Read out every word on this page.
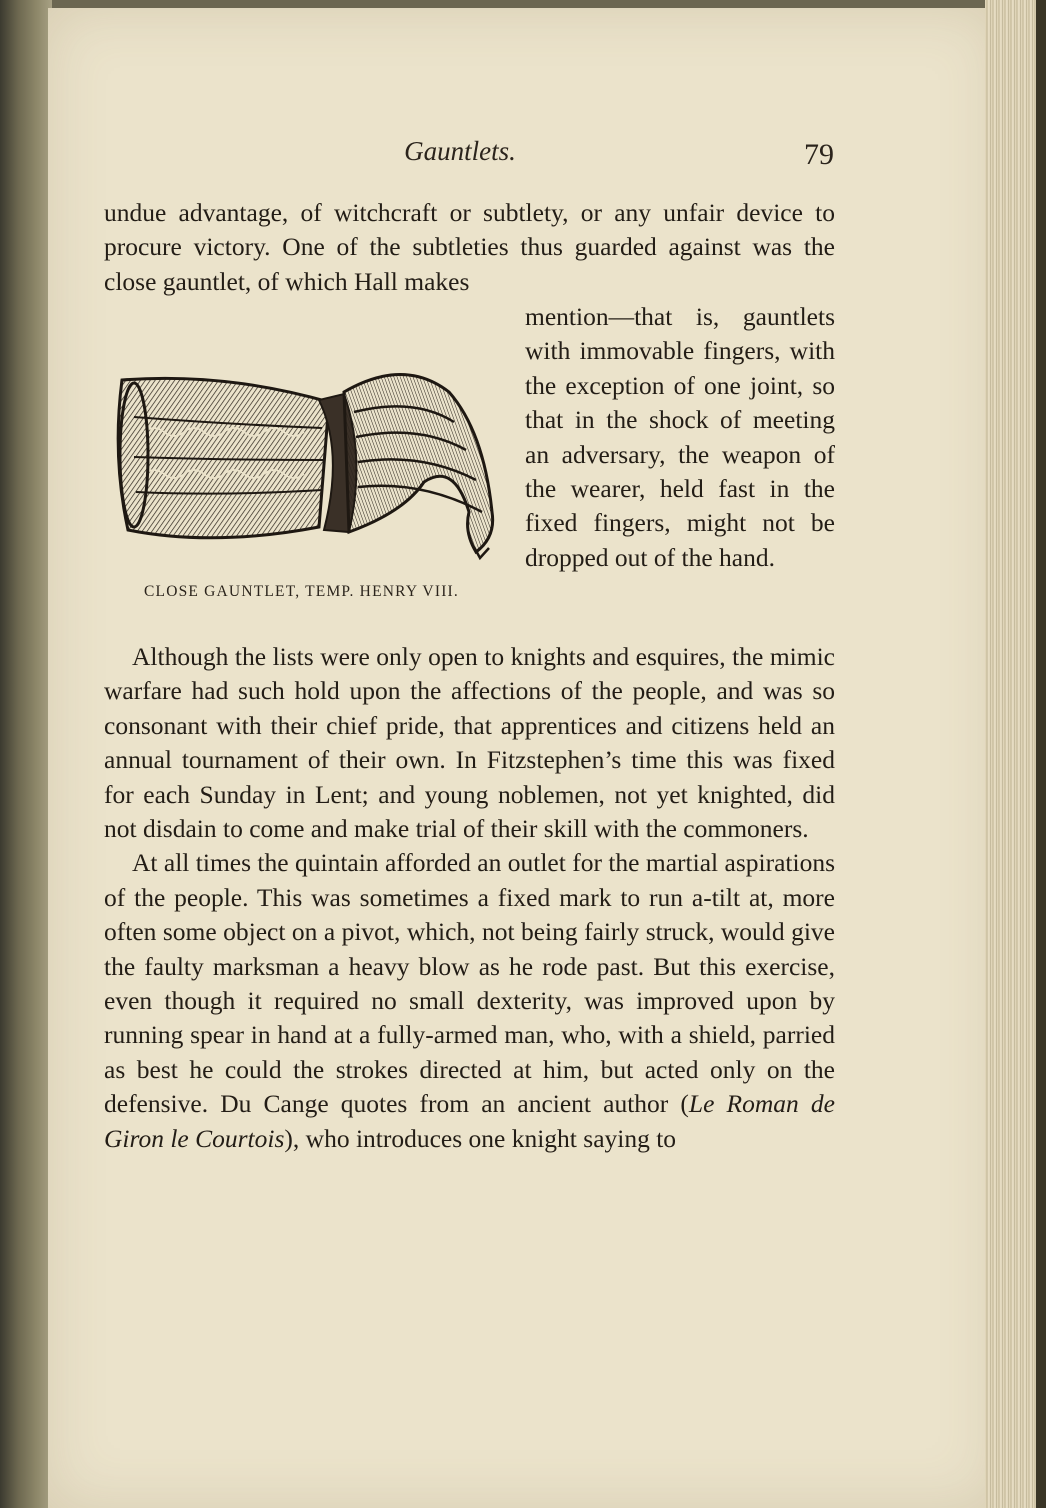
Gauntlets.	79

undue advantage, of witchcraft or subtlety, or any unfair device to procure victory. One of the subtleties thus guarded against was the close gauntlet, of which Hall makes

CLOSE GAUNTLET, TEMP. HENRY VIII.

mention—that is, gauntlets with immovable fingers, with the exception of one joint, so that in the shock of meeting an adversary, the weapon of the wearer, held fast in the fixed fingers, might not be dropped out of the hand.

Although the lists were only open to knights and esquires, the mimic warfare had such hold upon the affections of the people, and was so consonant with their chief pride, that apprentices and citizens held an annual tournament of their own. In Fitzstephen’s time this was fixed for each Sunday in Lent; and young noblemen, not yet knighted, did not disdain to come and make trial of their skill with the commoners.

At all times the quintain afforded an outlet for the martial aspirations of the people. This was sometimes a fixed mark to run a-tilt at, more often some object on a pivot, which, not being fairly struck, would give the faulty marksman a heavy blow as he rode past. But this exercise, even though it required no small dexterity, was improved upon by running spear in hand at a fully-armed man, who, with a shield, parried as best he could the strokes directed at him, but acted only on the defensive. Du Cange quotes from an ancient author (Le Roman de Giron le Courtois), who introduces one knight saying to
